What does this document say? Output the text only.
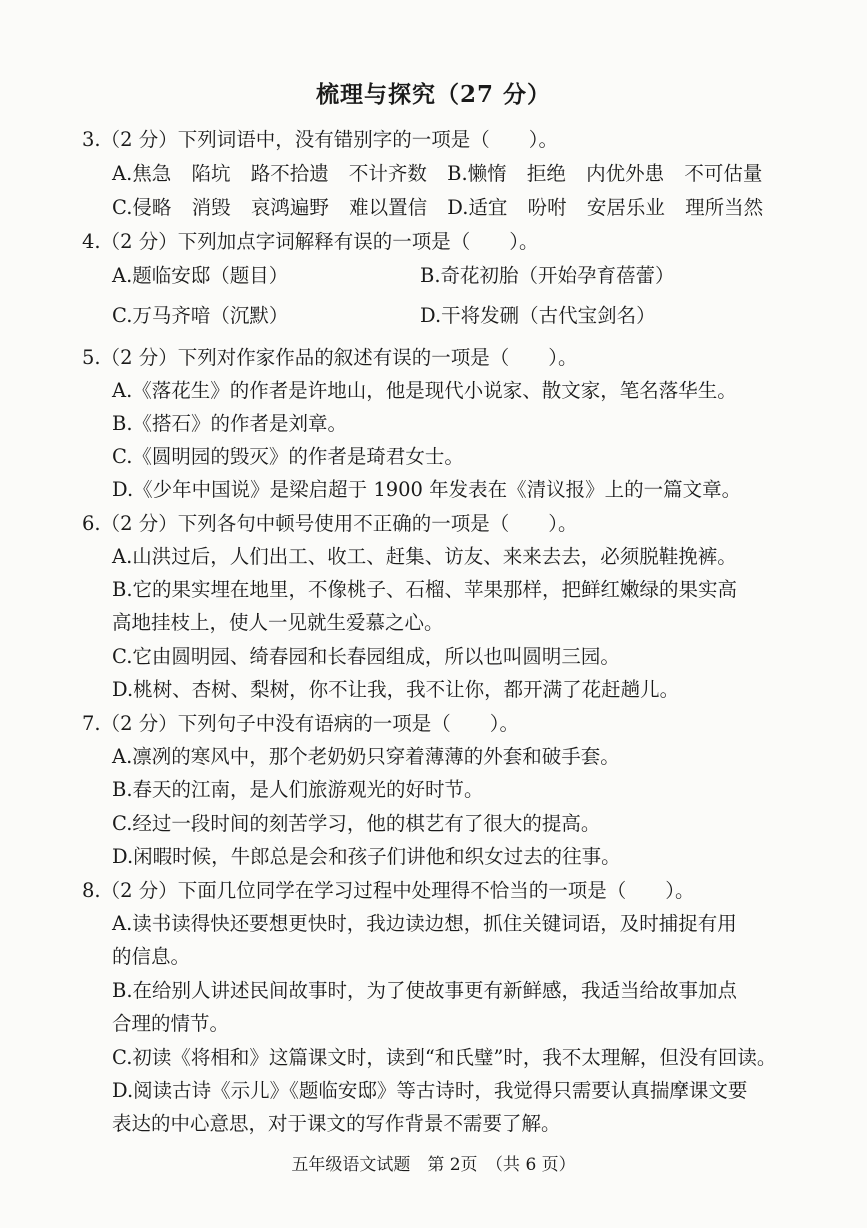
梳理与探究（27 分）
3.（2 分）下列词语中，没有错别字的一项是（　　）。
A.焦急 陷坑 路不拾遗 不计齐数 B.懒惰 拒绝 内优外患 不可估量
C.侵略 消毁 哀鸿遍野 难以置信 D.适宜 吩咐 安居乐业 理所当然
4.（2 分）下列加点字词解释有误的一项是（　　）。
A.题临安邸（题目）	B.奇花初胎（开始孕育蓓蕾）
C.万马齐喑（沉默）	D.干将发硎（古代宝剑名）
5.（2 分）下列对作家作品的叙述有误的一项是（　　）。
A.《落花生》的作者是许地山，他是现代小说家、散文家，笔名落华生。
B.《搭石》的作者是刘章。
C.《圆明园的毁灭》的作者是琦君女士。
D.《少年中国说》是梁启超于 1900 年发表在《清议报》上的一篇文章。
6.（2 分）下列各句中顿号使用不正确的一项是（　　）。
A.山洪过后，人们出工、收工、赶集、访友、来来去去，必须脱鞋挽裤。
B.它的果实埋在地里，不像桃子、石榴、苹果那样，把鲜红嫩绿的果实高
高地挂枝上，使人一见就生爱慕之心。
C.它由圆明园、绮春园和长春园组成，所以也叫圆明三园。
D.桃树、杏树、梨树，你不让我，我不让你，都开满了花赶趟儿。
7.（2 分）下列句子中没有语病的一项是（　　）。
A.凛冽的寒风中，那个老奶奶只穿着薄薄的外套和破手套。
B.春天的江南，是人们旅游观光的好时节。
C.经过一段时间的刻苦学习，他的棋艺有了很大的提高。
D.闲暇时候，牛郎总是会和孩子们讲他和织女过去的往事。
8.（2 分）下面几位同学在学习过程中处理得不恰当的一项是（　　）。
A.读书读得快还要想更快时，我边读边想，抓住关键词语，及时捕捉有用
的信息。
B.在给别人讲述民间故事时，为了使故事更有新鲜感，我适当给故事加点
合理的情节。
C.初读《将相和》这篇课文时，读到“和氏璧”时，我不太理解，但没有回读。
D.阅读古诗《示儿》《题临安邸》等古诗时，我觉得只需要认真揣摩课文要
表达的中心意思，对于课文的写作背景不需要了解。
五年级语文试题　第 2页　（共 6 页）
